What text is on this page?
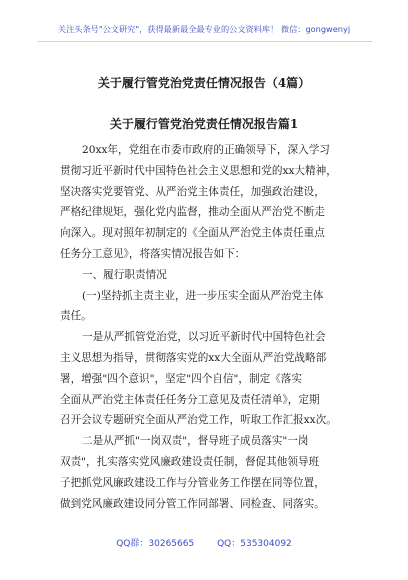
关注头条号"公文研究"，获得最新最全最专业的公文资料库！ 微信：gongwenyj
关于履行管党治党责任情况报告（4篇）
关于履行管党治党责任情况报告篇1
20xx年，党组在市委市政府的正确领导下，深入学习
贯彻习近平新时代中国特色社会主义思想和党的xx大精神，
坚决落实党要管党、从严治党主体责任，加强政治建设，
严格纪律规矩，强化党内监督，推动全面从严治党不断走
向深入。现对照年初制定的《全面从严治党主体责任重点
任务分工意见》，将落实情况报告如下：
一、履行职责情况
(一)坚持抓主责主业，进一步压实全面从严治党主体
责任。
一是从严抓管党治党，以习近平新时代中国特色社会
主义思想为指导，贯彻落实党的xx大全面从严治党战略部
署，增强"四个意识"，坚定"四个自信"，制定《落实
全面从严治党主体责任任务分工意见及责任清单》，定期
召开会议专题研究全面从严治党工作，听取工作汇报xx次。
二是从严抓"一岗双责"，督导班子成员落实"一岗
双责"，扎实落实党风廉政建设责任制，督促其他领导班
子把抓党风廉政建设工作与分管业务工作摆在同等位置，
做到党风廉政建设同分管工作同部署、同检查、同落实。
QQ群：30265665	QQ：535304092
